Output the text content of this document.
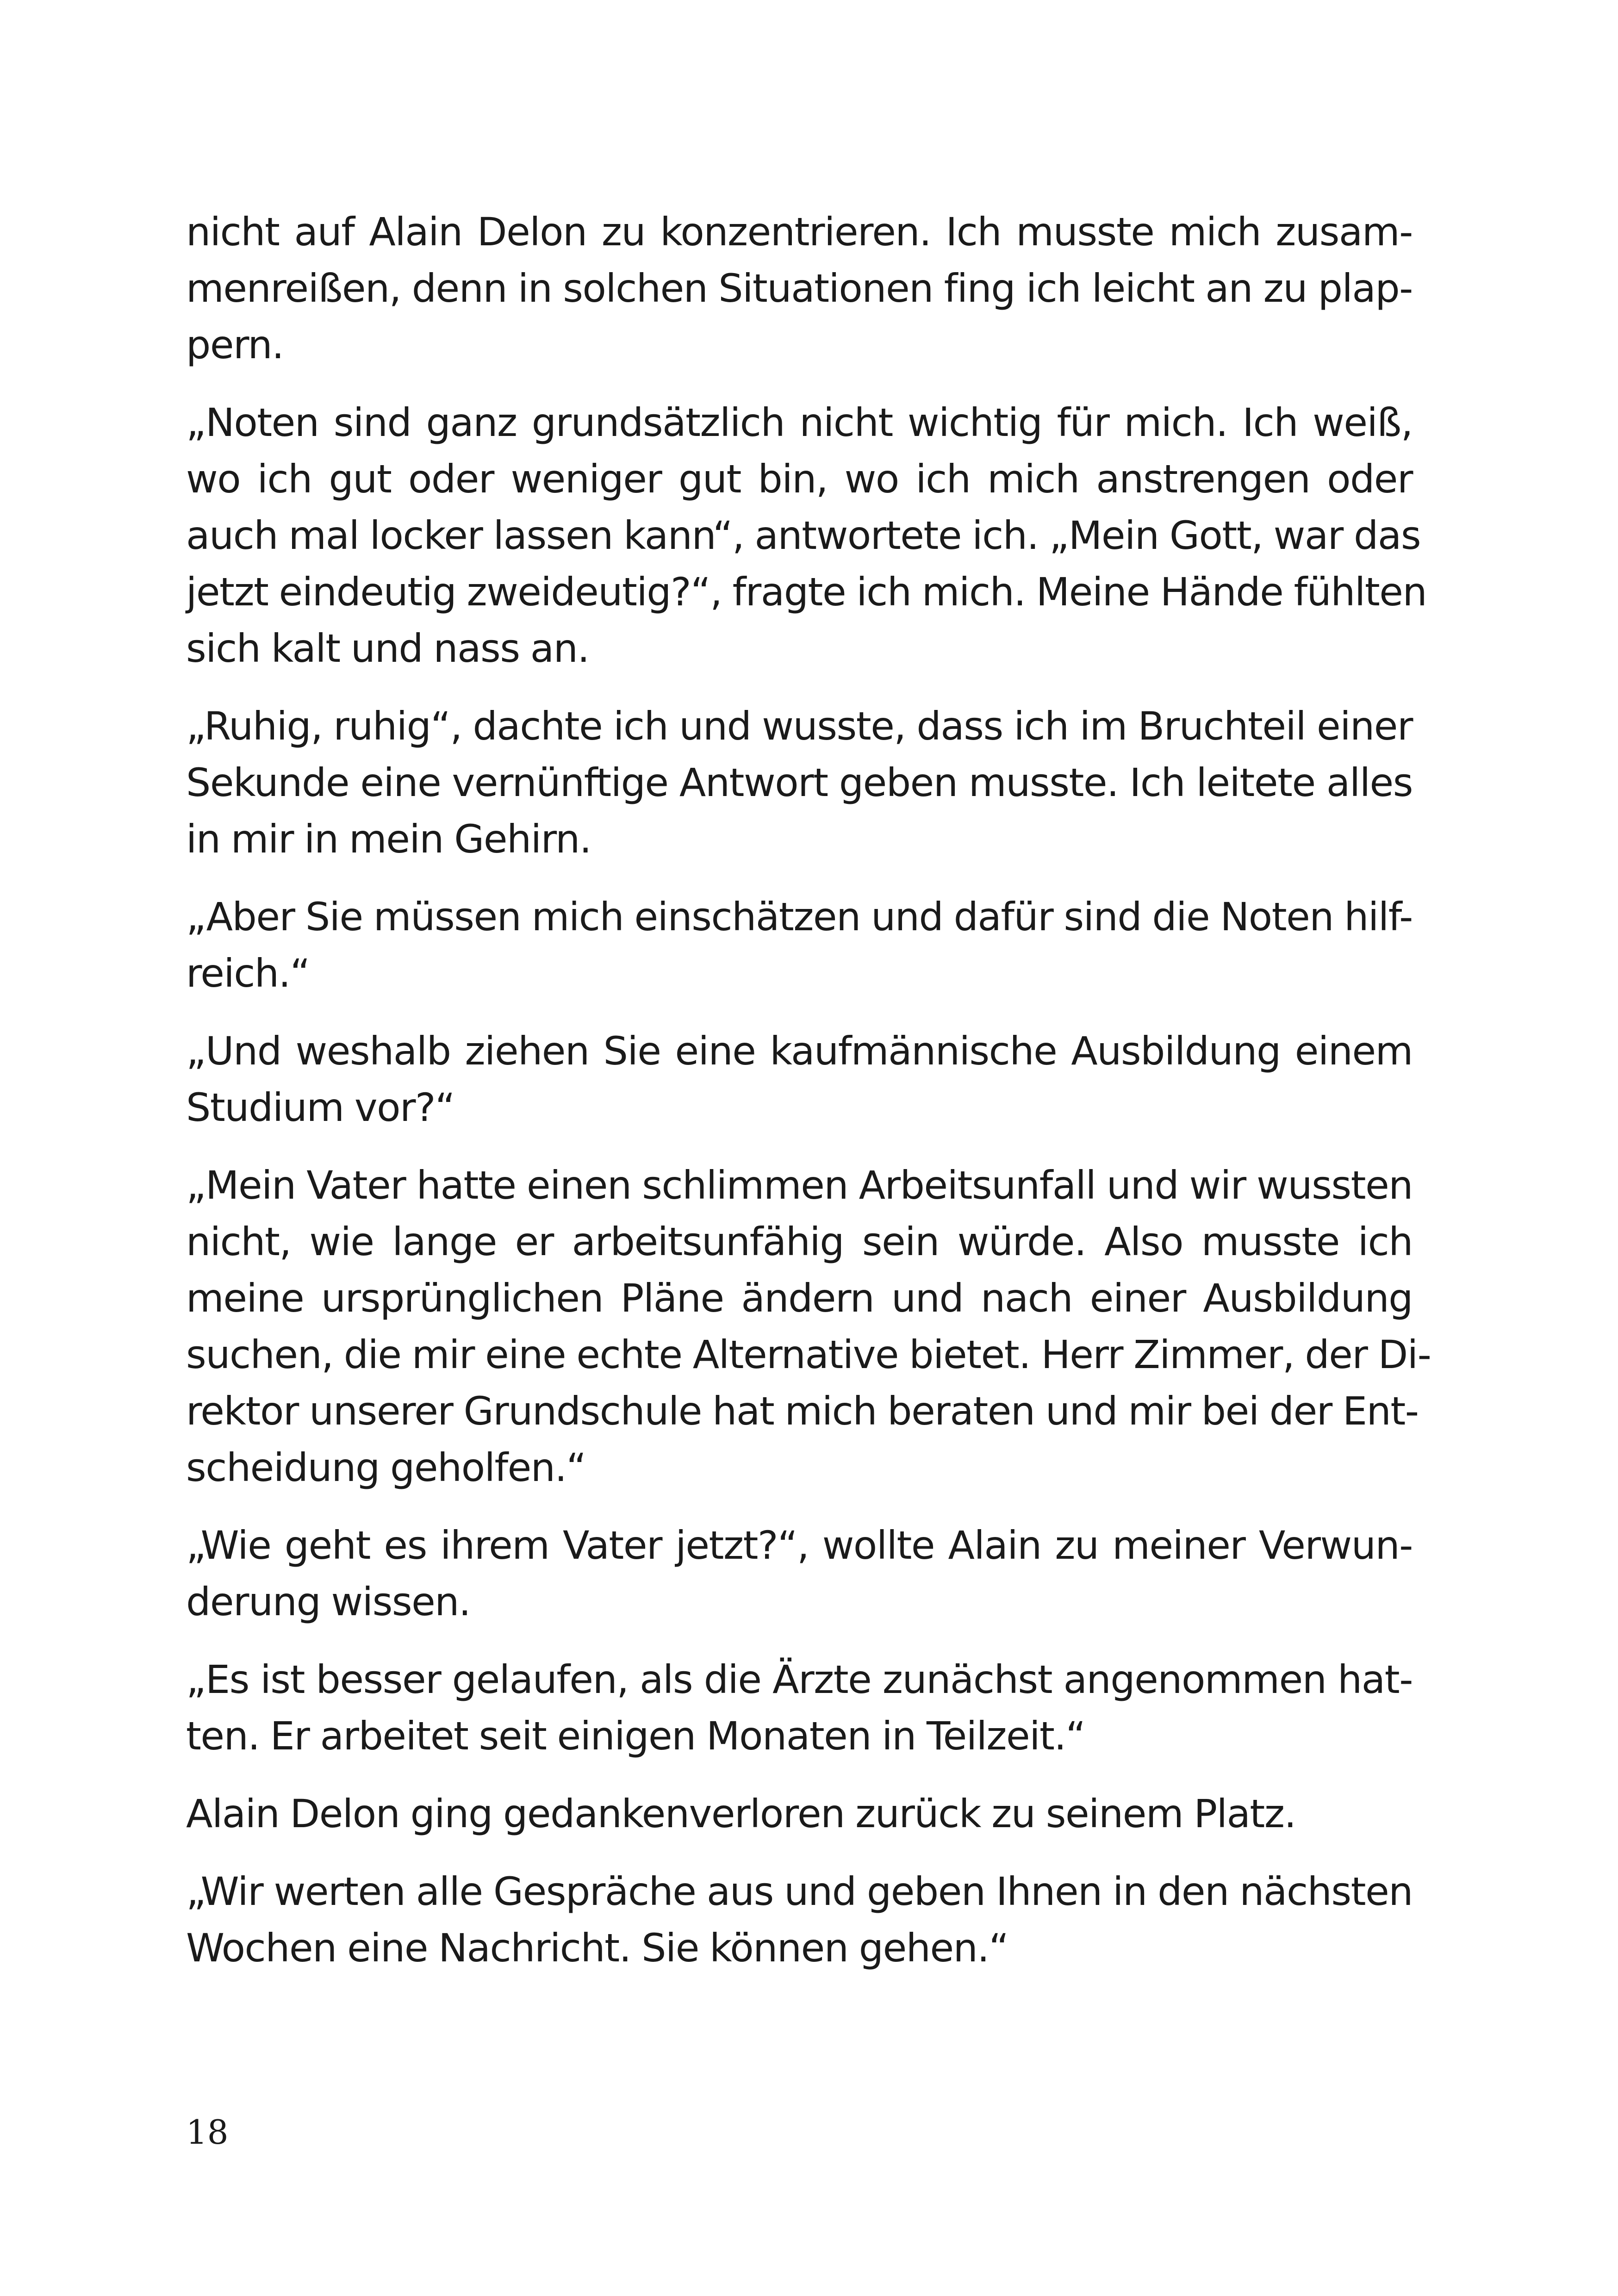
nicht auf Alain Delon zu konzentrieren. Ich musste mich zusam-
menreißen, denn in solchen Situationen fing ich leicht an zu plap-
pern.

„Noten sind ganz grundsätzlich nicht wichtig für mich. Ich weiß,
wo ich gut oder weniger gut bin, wo ich mich anstrengen oder
auch mal locker lassen kann“, antwortete ich. „Mein Gott, war das
jetzt eindeutig zweideutig?“, fragte ich mich. Meine Hände fühlten
sich kalt und nass an.

„Ruhig, ruhig“, dachte ich und wusste, dass ich im Bruchteil einer
Sekunde eine vernünftige Antwort geben musste. Ich leitete alles
in mir in mein Gehirn.

„Aber Sie müssen mich einschätzen und dafür sind die Noten hilf-
reich.“

„Und weshalb ziehen Sie eine kaufmännische Ausbildung einem
Studium vor?“

„Mein Vater hatte einen schlimmen Arbeitsunfall und wir wussten
nicht, wie lange er arbeitsunfähig sein würde. Also musste ich
meine ursprünglichen Pläne ändern und nach einer Ausbildung
suchen, die mir eine echte Alternative bietet. Herr Zimmer, der Di-
rektor unserer Grundschule hat mich beraten und mir bei der Ent-
scheidung geholfen.“

„Wie geht es ihrem Vater jetzt?“, wollte Alain zu meiner Verwun-
derung wissen.

„Es ist besser gelaufen, als die Ärzte zunächst angenommen hat-
ten. Er arbeitet seit einigen Monaten in Teilzeit.“

Alain Delon ging gedankenverloren zurück zu seinem Platz.

„Wir werten alle Gespräche aus und geben Ihnen in den nächsten
Wochen eine Nachricht. Sie können gehen.“

18
